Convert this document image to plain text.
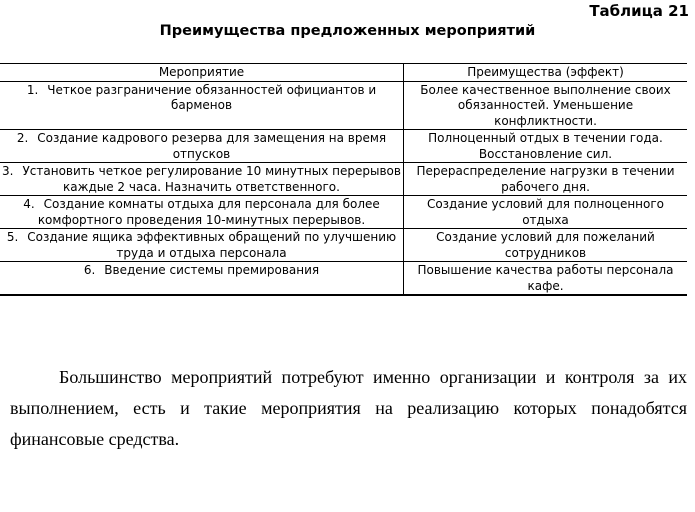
Таблица 21
Преимущества предложенных мероприятий
Мероприятие	Преимущества (эффект)
1. Четкое разграничение обязанностей официантов и барменов	Более качественное выполнение своих обязанностей. Уменьшение конфликтности.
2. Создание кадрового резерва для замещения на время отпусков	Полноценный отдых в течении года. Восстановление сил.
3. Установить четкое регулирование 10 минутных перерывов каждые 2 часа. Назначить ответственного.	Перераспределение нагрузки в течении рабочего дня.
4. Создание комнаты отдыха для персонала для более комфортного проведения 10-минутных перерывов.	Создание условий для полноценного отдыха
5. Создание ящика эффективных обращений по улучшению труда и отдыха персонала	Создание условий для пожеланий сотрудников
6. Введение системы премирования	Повышение качества работы персонала кафе.

Большинство мероприятий потребуют именно организации и контроля за их выполнением, есть и такие мероприятия на реализацию которых понадобятся финансовые средства.
